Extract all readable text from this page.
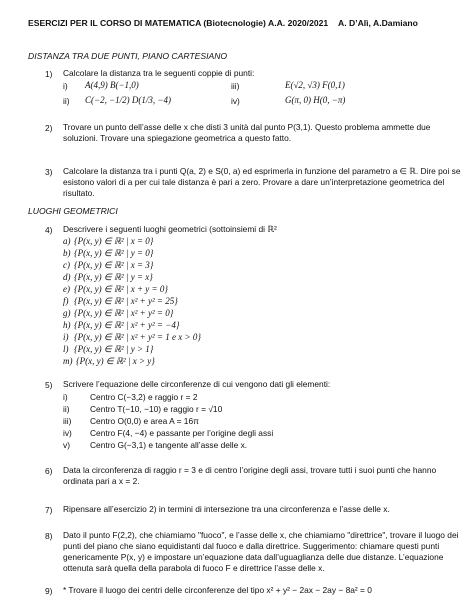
ESERCIZI PER IL CORSO DI MATEMATICA (Biotecnologie) A.A. 2020/2021 A. D’Alì, A.Damiano
DISTANZA TRA DUE PUNTI, PIANO CARTESIANO
1) Calcolare la distanza tra le seguenti coppie di punti:
i) A(4,9) B(−1,0)	iii)	E(√2, √3) F(0,1)
ii) C(−2, −1/2) D(1/3, −4)	iv)	G(π, 0) H(0, −π)
2) Trovare un punto dell’asse delle x che disti 3 unità dal punto P(3,1). Questo problema ammette due
soluzioni. Trovare una spiegazione geometrica a questo fatto.
3) Calcolare la distanza tra i punti Q(a, 2) e S(0, a) ed esprimerla in funzione del parametro a ∈ ℝ. Dire poi se
esistono valori di a per cui tale distanza è pari a zero. Provare a dare un’interpretazione geometrica del
risultato.
LUOGHI GEOMETRICI
4) Descrivere i seguenti luoghi geometrici (sottoinsiemi di ℝ²
a) {P(x, y) ∈ ℝ² | x = 0}
b) {P(x, y) ∈ ℝ² | y = 0}
c) {P(x, y) ∈ ℝ² | x = 3}
d) {P(x, y) ∈ ℝ² | y = x}
e) {P(x, y) ∈ ℝ² | x + y = 0}
f) {P(x, y) ∈ ℝ² | x² + y² = 25}
g) {P(x, y) ∈ ℝ² | x² + y² = 0}
h) {P(x, y) ∈ ℝ² | x² + y² = −4}
i) {P(x, y) ∈ ℝ² | x² + y² = 1 e x > 0}
l) {P(x, y) ∈ ℝ² | y > 1}
m) {P(x, y) ∈ ℝ² | x > y}
5) Scrivere l’equazione delle circonferenze di cui vengono dati gli elementi:
i)	Centro C(−3,2) e raggio r = 2
ii) Centro T(−10, −10) e raggio r = √10
iii) Centro O(0,0) e area A = 16π
iv) Centro F(4, −4) e passante per l’origine degli assi
v) Centro G(−3,1) e tangente all’asse delle x.
6) Data la circonferenza di raggio r = 3 e di centro l’origine degli assi, trovare tutti i suoi punti che hanno
ordinata pari a x = 2.
7) Ripensare all’esercizio 2) in termini di intersezione tra una circonferenza e l’asse delle x.
8) Dato il punto F(2,2), che chiamiamo "fuoco", e l’asse delle x, che chiamiamo "direttrice", trovare il luogo dei
punti del piano che siano equidistanti dal fuoco e dalla direttrice. Suggerimento: chiamare questi punti
genericamente P(x, y) e impostare un’equazione data dall’uguaglianza delle due distanze. L’equazione
ottenuta sarà quella della parabola di fuoco F e direttrice l’asse delle x.
9) * Trovare il luogo dei centri delle circonferenze del tipo x² + y² − 2ax − 2ay − 8a² = 0
